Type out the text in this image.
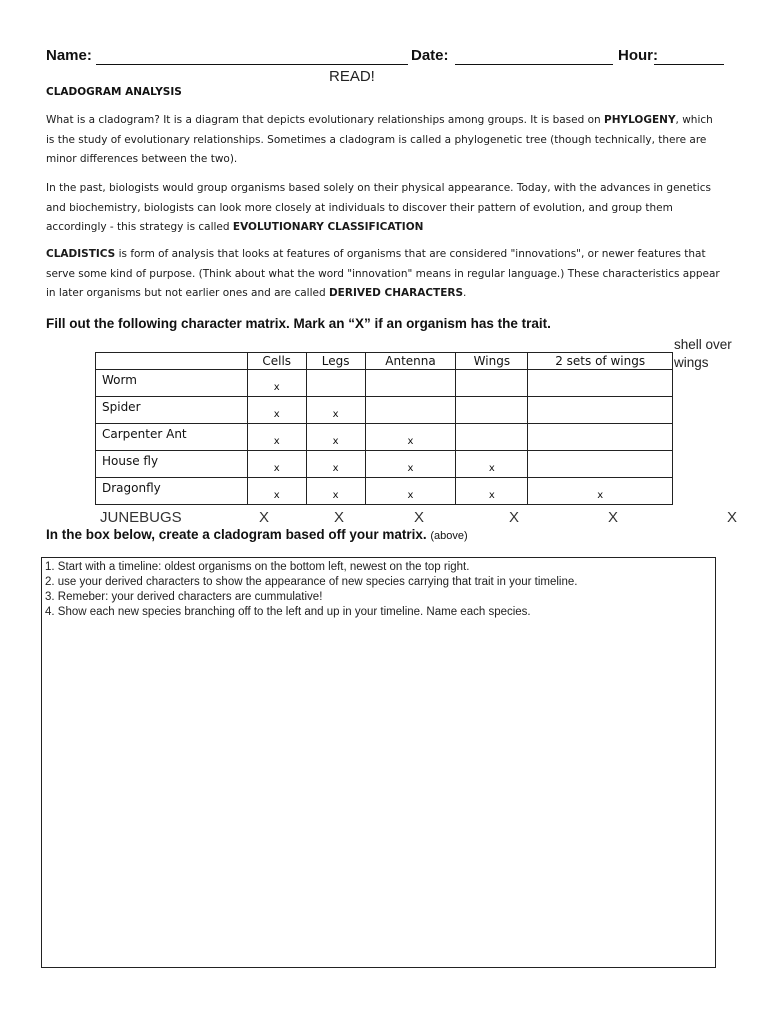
Name:	Date:	Hour:
READ!
CLADOGRAM ANALYSIS
What is a cladogram? It is a diagram that depicts evolutionary relationships among groups. It is based on PHYLOGENY, which is the study of evolutionary relationships. Sometimes a cladogram is called a phylogenetic tree (though technically, there are minor differences between the two).
In the past, biologists would group organisms based solely on their physical appearance. Today, with the advances in genetics and biochemistry, biologists can look more closely at individuals to discover their pattern of evolution, and group them accordingly - this strategy is called EVOLUTIONARY CLASSIFICATION
CLADISTICS is form of analysis that looks at features of organisms that are considered "innovations", or newer features that serve some kind of purpose. (Think about what the word "innovation" means in regular language.) These characteristics appear in later organisms but not earlier ones and are called DERIVED CHARACTERS.
Fill out the following character matrix. Mark an “X” if an organism has the trait.
shell over wings
	Cells	Legs	Antenna	Wings	2 sets of wings
Worm	x				
Spider	x	x			
Carpenter Ant	x	x	x		
House fly	x	x	x	x	
Dragonfly	x	x	x	x	x
JUNEBUGS	X	X	X	X	X	X
In the box below, create a cladogram based off your matrix. (above)
1. Start with a timeline: oldest organisms on the bottom left, newest on the top right.
2. use your derived characters to show the appearance of new species carrying that trait in your timeline.
3. Remeber: your derived characters are cummulative!
4. Show each new species branching off to the left and up in your timeline. Name each species.
